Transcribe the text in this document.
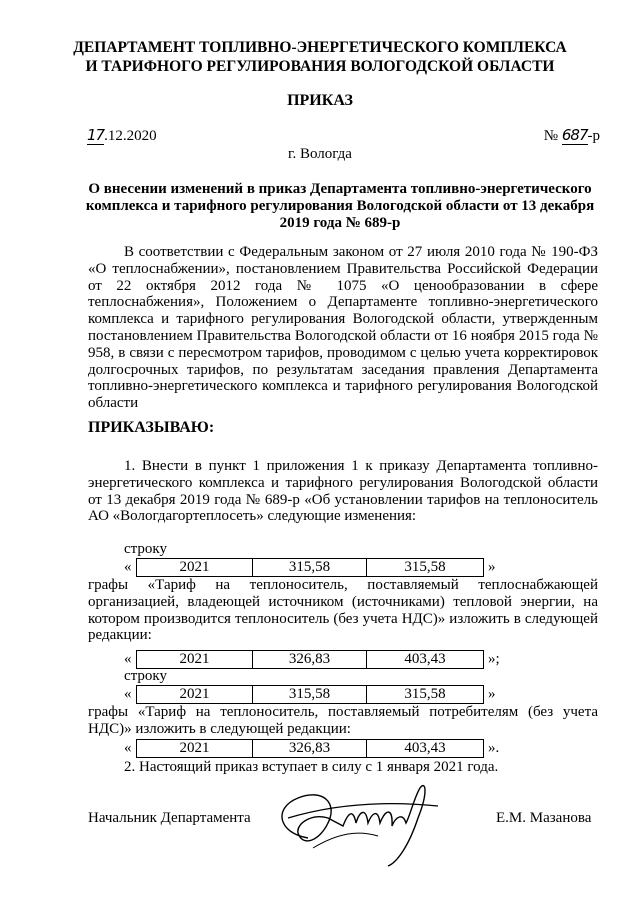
ДЕПАРТАМЕНТ ТОПЛИВНО-ЭНЕРГЕТИЧЕСКОГО КОМПЛЕКСА
И ТАРИФНОГО РЕГУЛИРОВАНИЯ ВОЛОГОДСКОЙ ОБЛАСТИ
ПРИКАЗ
17.12.2020	№ 687-р
г. Вологда
О внесении изменений в приказ Департамента топливно-энергетического комплекса и тарифного регулирования Вологодской области от 13 декабря 2019 года № 689-р
В соответствии с Федеральным законом от 27 июля 2010 года № 190-ФЗ «О теплоснабжении», постановлением Правительства Российской Федерации от 22 октября 2012 года № 1075 «О ценообразовании в сфере теплоснабжения», Положением о Департаменте топливно-энергетического комплекса и тарифного регулирования Вологодской области, утвержденным постановлением Правительства Вологодской области от 16 ноября 2015 года № 958, в связи с пересмотром тарифов, проводимом с целью учета корректировок долгосрочных тарифов, по результатам заседания правления Департамента топливно-энергетического комплекса и тарифного регулирования Вологодской области
ПРИКАЗЫВАЮ:
1. Внести в пункт 1 приложения 1 к приказу Департамента топливно-энергетического комплекса и тарифного регулирования Вологодской области от 13 декабря 2019 года № 689-р «Об установлении тарифов на теплоноситель АО «Вологдагортеплосеть» следующие изменения:
строку
«	2021	315,58	315,58	»
графы «Тариф на теплоноситель, поставляемый теплоснабжающей организацией, владеющей источником (источниками) тепловой энергии, на котором производится теплоноситель (без учета НДС)» изложить в следующей редакции:
«	2021	326,83	403,43	»;
строку
«	2021	315,58	315,58	»
графы «Тариф на теплоноситель, поставляемый потребителям (без учета НДС)» изложить в следующей редакции:
«	2021	326,83	403,43	».
2. Настоящий приказ вступает в силу с 1 января 2021 года.
Начальник Департамента	Е.М. Мазанова
